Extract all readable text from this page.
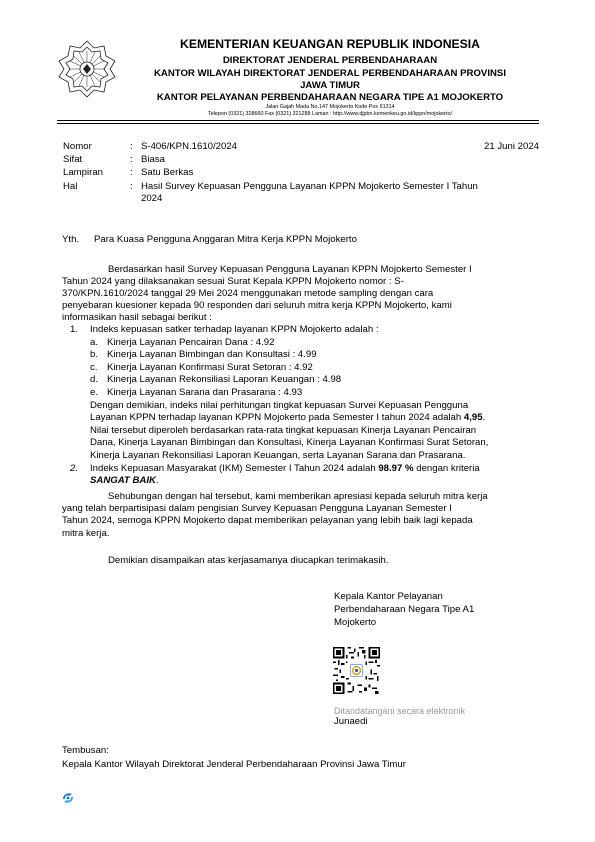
KEMENTERIAN KEUANGAN REPUBLIK INDONESIA
DIREKTORAT JENDERAL PERBENDAHARAAN
KANTOR WILAYAH DIREKTORAT JENDERAL PERBENDAHARAAN PROVINSI
JAWA TIMUR
KANTOR PELAYANAN PERBENDAHARAAN NEGARA TIPE A1 MOJOKERTO
Jalan Gajah Mada No.147 Mojokerto Kode Pos 61314
Telepon (0321) 328660 Fax (0321) 321288 Laman : http://www.djpbn.kemenkeu.go.id/kppn/mojokerto/
Nomor	: S-406/KPN.1610/2024	21 Juni 2024
Sifat	: Biasa
Lampiran	: Satu Berkas
Hal	: Hasil Survey Kepuasan Pengguna Layanan KPPN Mojokerto Semester I Tahun
2024
Yth. Para Kuasa Pengguna Anggaran Mitra Kerja KPPN Mojokerto
Berdasarkan hasil Survey Kepuasan Pengguna Layanan KPPN Mojokerto Semester I
Tahun 2024 yang dilaksanakan sesuai Surat Kepala KPPN Mojokerto nomor : S-
370/KPN.1610/2024 tanggal 29 Mei 2024 menggunakan metode sampling dengan cara
penyebaran kuesioner kepada 90 responden dari seluruh mitra kerja KPPN Mojokerto, kami
informasikan hasil sebagai berikut :
1. Indeks kepuasan satker terhadap layanan KPPN Mojokerto adalah :
a. Kinerja Layanan Pencairan Dana : 4.92
b. Kinerja Layanan Bimbingan dan Konsultasi : 4.99
c. Kinerja Layanan Konfirmasi Surat Setoran : 4.92
d. Kinerja Layanan Rekonsiliasi Laporan Keuangan : 4.98
e. Kinerja Layanan Sarana dan Prasarana : 4.93
Dengan demikian, indeks nilai perhitungan tingkat kepuasan Survei Kepuasan Pengguna
Layanan KPPN terhadap layanan KPPN Mojokerto pada Semester I tahun 2024 adalah 4,95.
Nilai tersebut diperoleh berdasarkan rata-rata tingkat kepuasan Kinerja Layanan Pencairan
Dana, Kinerja Layanan Bimbingan dan Konsultasi, Kinerja Layanan Konfirmasi Surat Setoran,
Kinerja Layanan Rekonsiliasi Laporan Keuangan, serta Layanan Sarana dan Prasarana.
2. Indeks Kepuasan Masyarakat (IKM) Semester I Tahun 2024 adalah 98.97 % dengan kriteria
SANGAT BAIK.
Sehubungan dengan hal tersebut, kami memberikan apresiasi kepada seluruh mitra kerja
yang telah berpartisipasi dalam pengisian Survey Kepuasan Pengguna Layanan Semester I
Tahun 2024, semoga KPPN Mojokerto dapat memberikan pelayanan yang lebih baik lagi kepada
mitra kerja.
Demikian disampaikan atas kerjasamanya diucapkan terimakasih.
Kepala Kantor Pelayanan
Perbendaharaan Negara Tipe A1
Mojokerto
Ditandatangani secara elektronik
Junaedi
Tembusan:
Kepala Kantor Wilayah Direktorat Jenderal Perbendaharaan Provinsi Jawa Timur
